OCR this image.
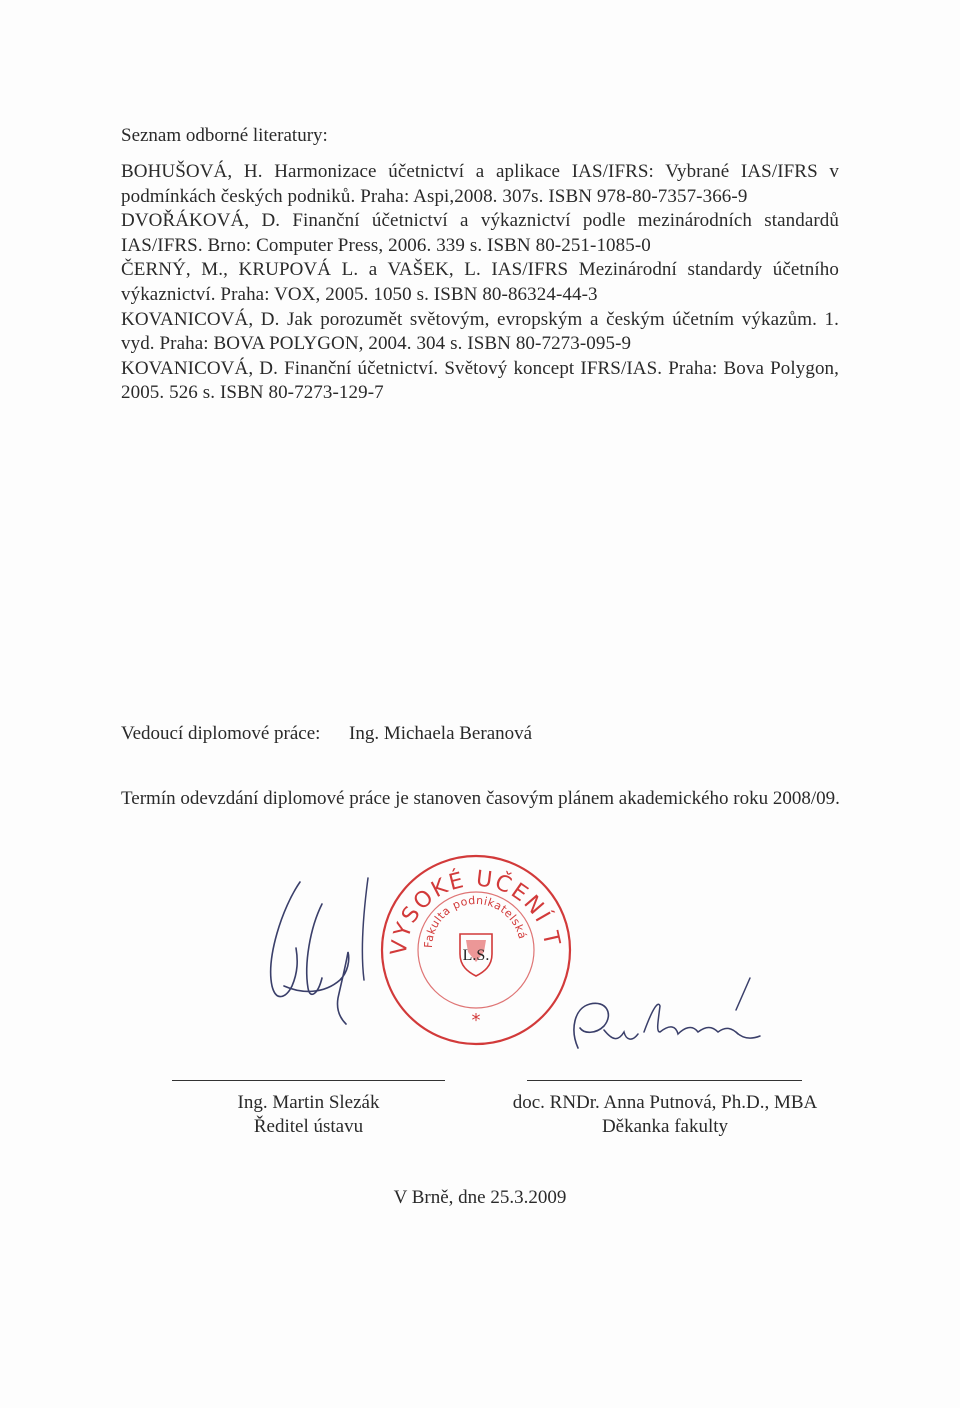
Seznam odborné literatury:

BOHUŠOVÁ, H. Harmonizace účetnictví a aplikace IAS/IFRS: Vybrané IAS/IFRS v podmínkách českých podniků. Praha: Aspi,2008. 307s. ISBN 978-80-7357-366-9

DVOŘÁKOVÁ, D. Finanční účetnictví a výkaznictví podle mezinárodních standardů IAS/IFRS. Brno: Computer Press, 2006. 339 s. ISBN 80-251-1085-0

ČERNÝ, M., KRUPOVÁ L. a VAŠEK, L. IAS/IFRS Mezinárodní standardy účetního výkaznictví. Praha: VOX, 2005. 1050 s. ISBN 80-86324-44-3

KOVANICOVÁ, D. Jak porozumět světovým, evropským a českým účetním výkazům. 1. vyd. Praha: BOVA POLYGON, 2004. 304 s. ISBN 80-7273-095-9

KOVANICOVÁ, D. Finanční účetnictví. Světový koncept IFRS/IAS. Praha: Bova Polygon, 2005. 526 s. ISBN 80-7273-129-7

Vedoucí diplomové práce: Ing. Michaela Beranová
Termín odevzdání diplomové práce je stanoven časovým plánem akademického roku 2008/09.
VYSOKÉ UČENÍ T
Fakulta podnikatelská
L.S.
*
Ing. Martin Slezák
Ředitel ústavu
doc. RNDr. Anna Putnová, Ph.D., MBA
Děkanka fakulty
V Brně, dne 25.3.2009
